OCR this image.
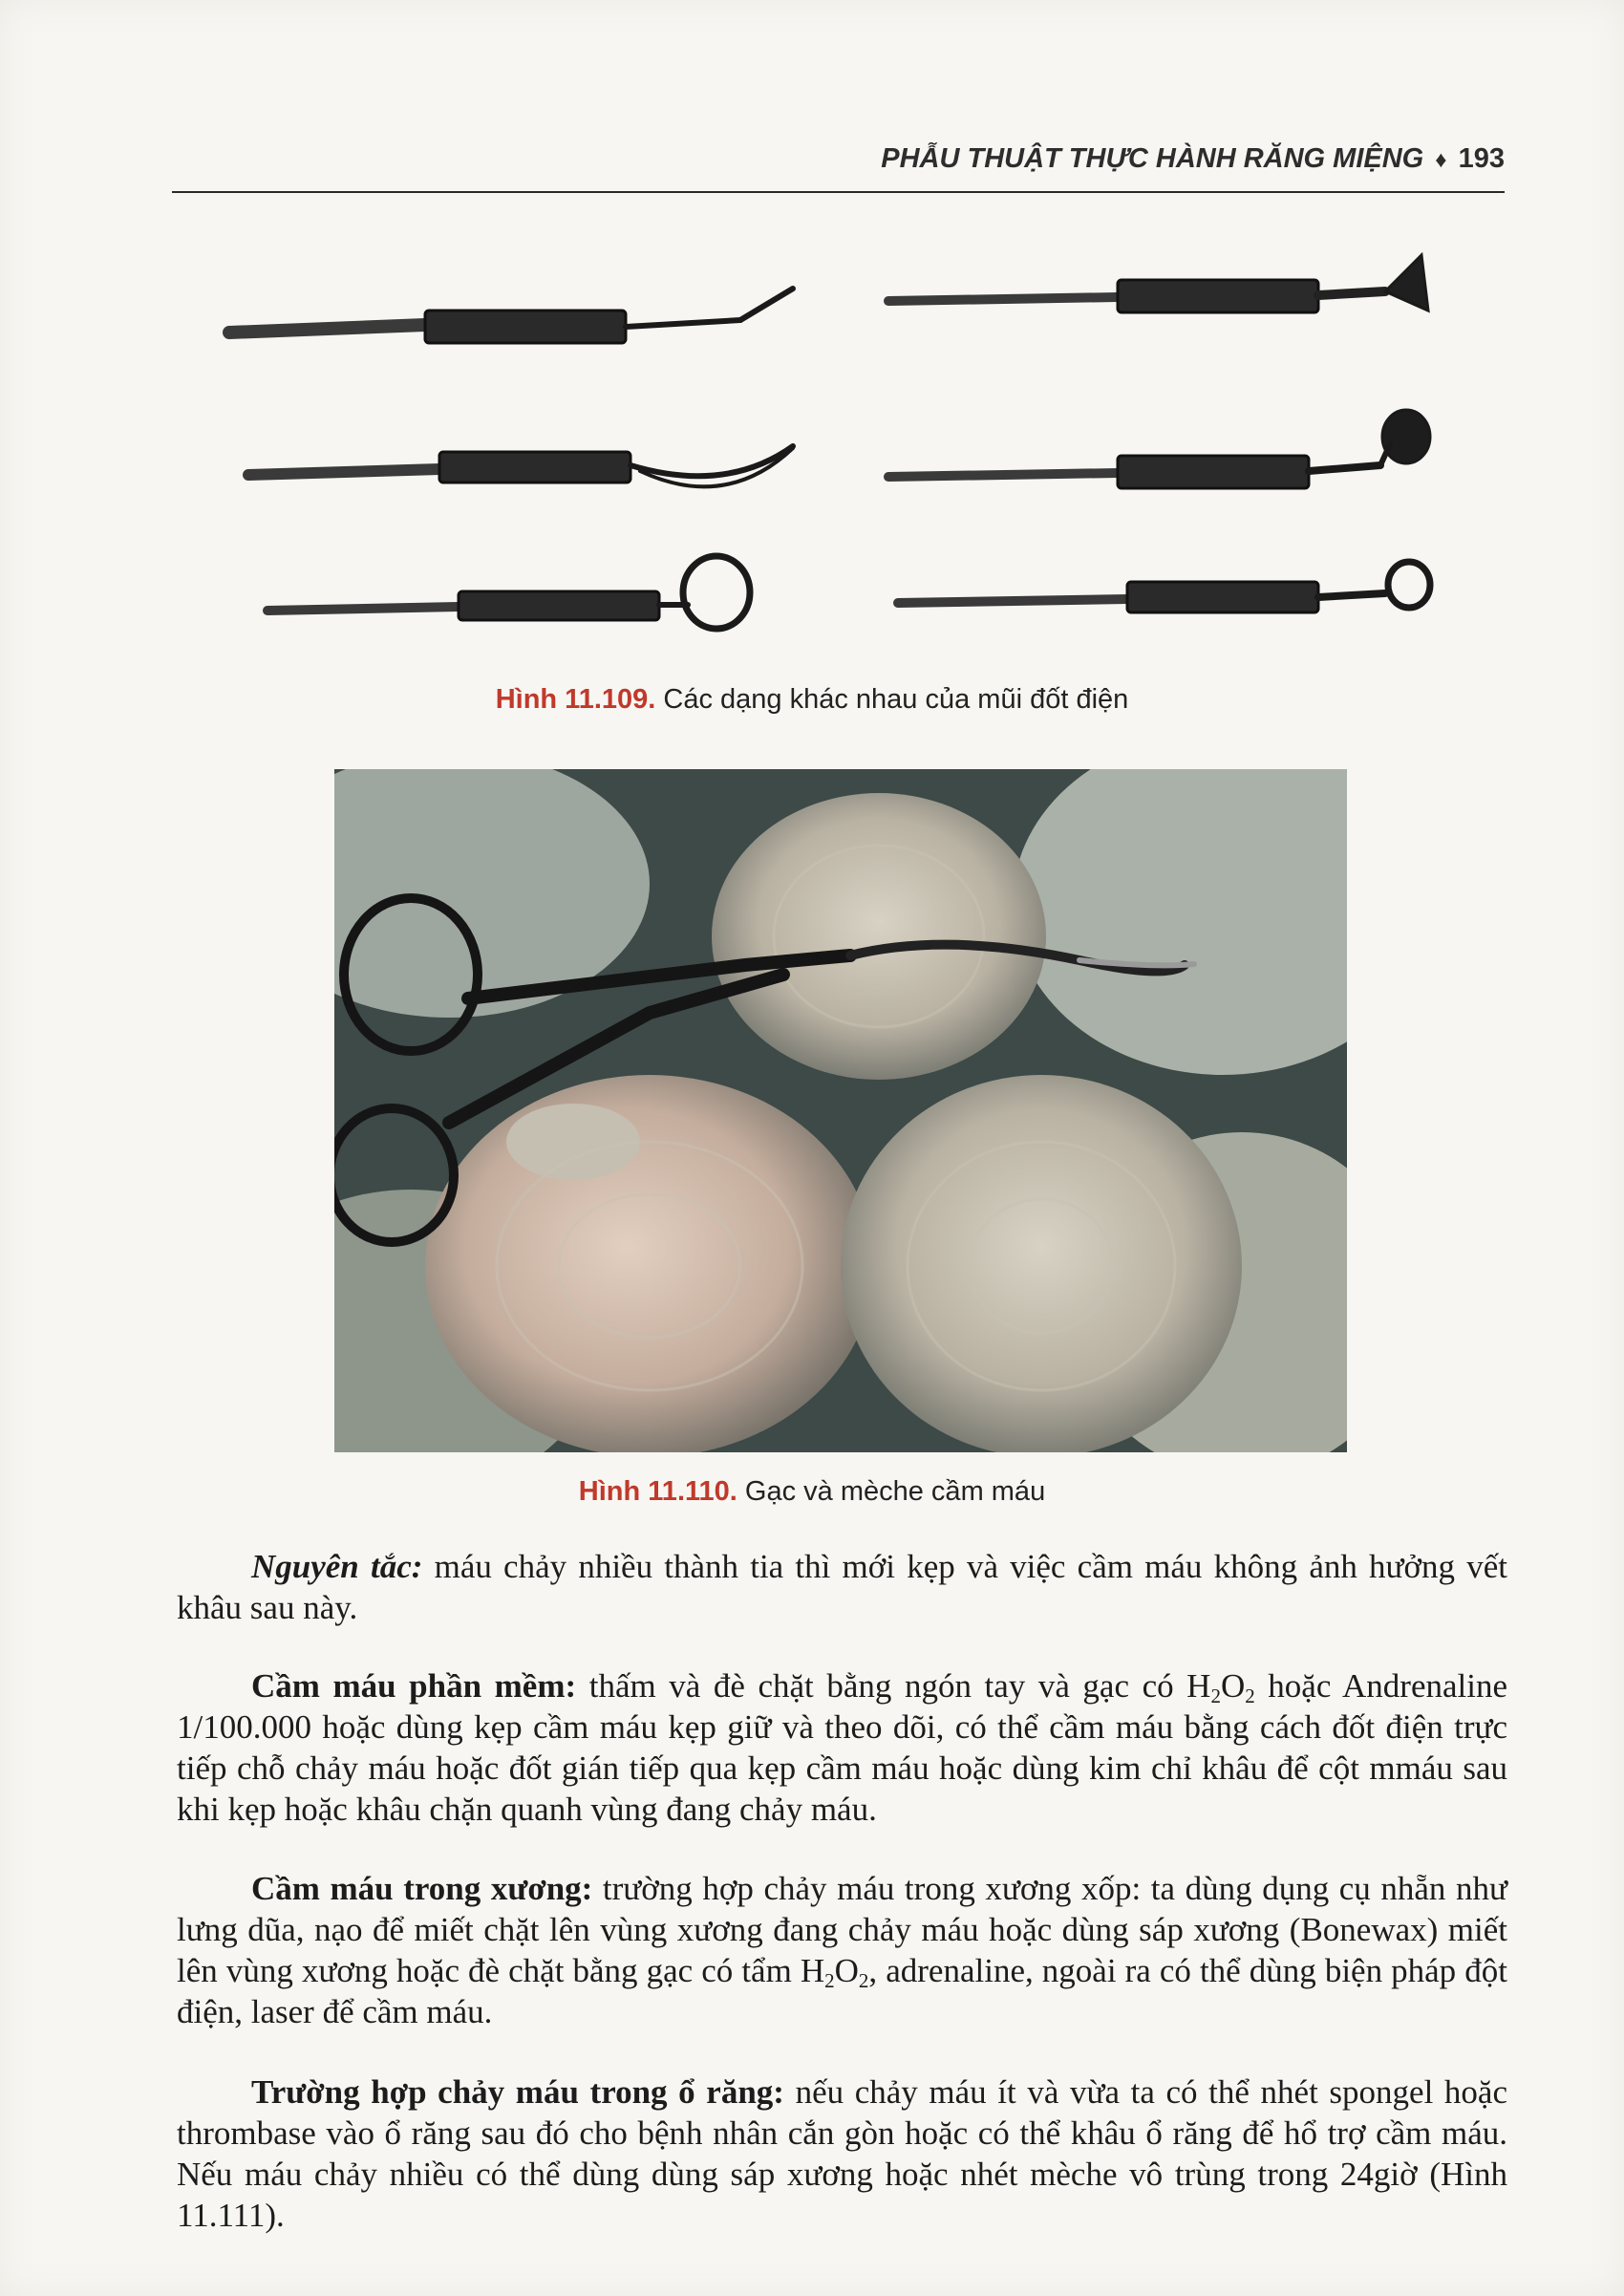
PHẪU THUẬT THỰC HÀNH RĂNG MIỆNG ♦ 193
Hình 11.109. Các dạng khác nhau của mũi đốt điện
Hình 11.110. Gạc và mèche cầm máu

Nguyên tắc: máu chảy nhiều thành tia thì mới kẹp và việc cầm máu không ảnh hưởng vết khâu sau này.

Cầm máu phần mềm: thấm và đè chặt bằng ngón tay và gạc có $H_2O_2$ hoặc Andrenaline 1/100.000 hoặc dùng kẹp cầm máu kẹp giữ và theo dõi, có thể cầm máu bằng cách đốt điện trực tiếp chỗ chảy máu hoặc đốt gián tiếp qua kẹp cầm máu hoặc dùng kim chỉ khâu để cột mmáu sau khi kẹp hoặc khâu chặn quanh vùng đang chảy máu.

Cầm máu trong xương: trường hợp chảy máu trong xương xốp: ta dùng dụng cụ nhẵn như lưng dũa, nạo để miết chặt lên vùng xương đang chảy máu hoặc dùng sáp xương (Bonewax) miết lên vùng xương hoặc đè chặt bằng gạc có tẩm $H_2O_2$, adrenaline, ngoài ra có thể dùng biện pháp đột điện, laser để cầm máu.

Trường hợp chảy máu trong ổ răng: nếu chảy máu ít và vừa ta có thể nhét spongel hoặc thrombase vào ổ răng sau đó cho bệnh nhân cắn gòn hoặc có thể khâu ổ răng để hổ trợ cầm máu. Nếu máu chảy nhiều có thể dùng dùng sáp xương hoặc nhét mèche vô trùng trong 24giờ (Hình 11.111).
